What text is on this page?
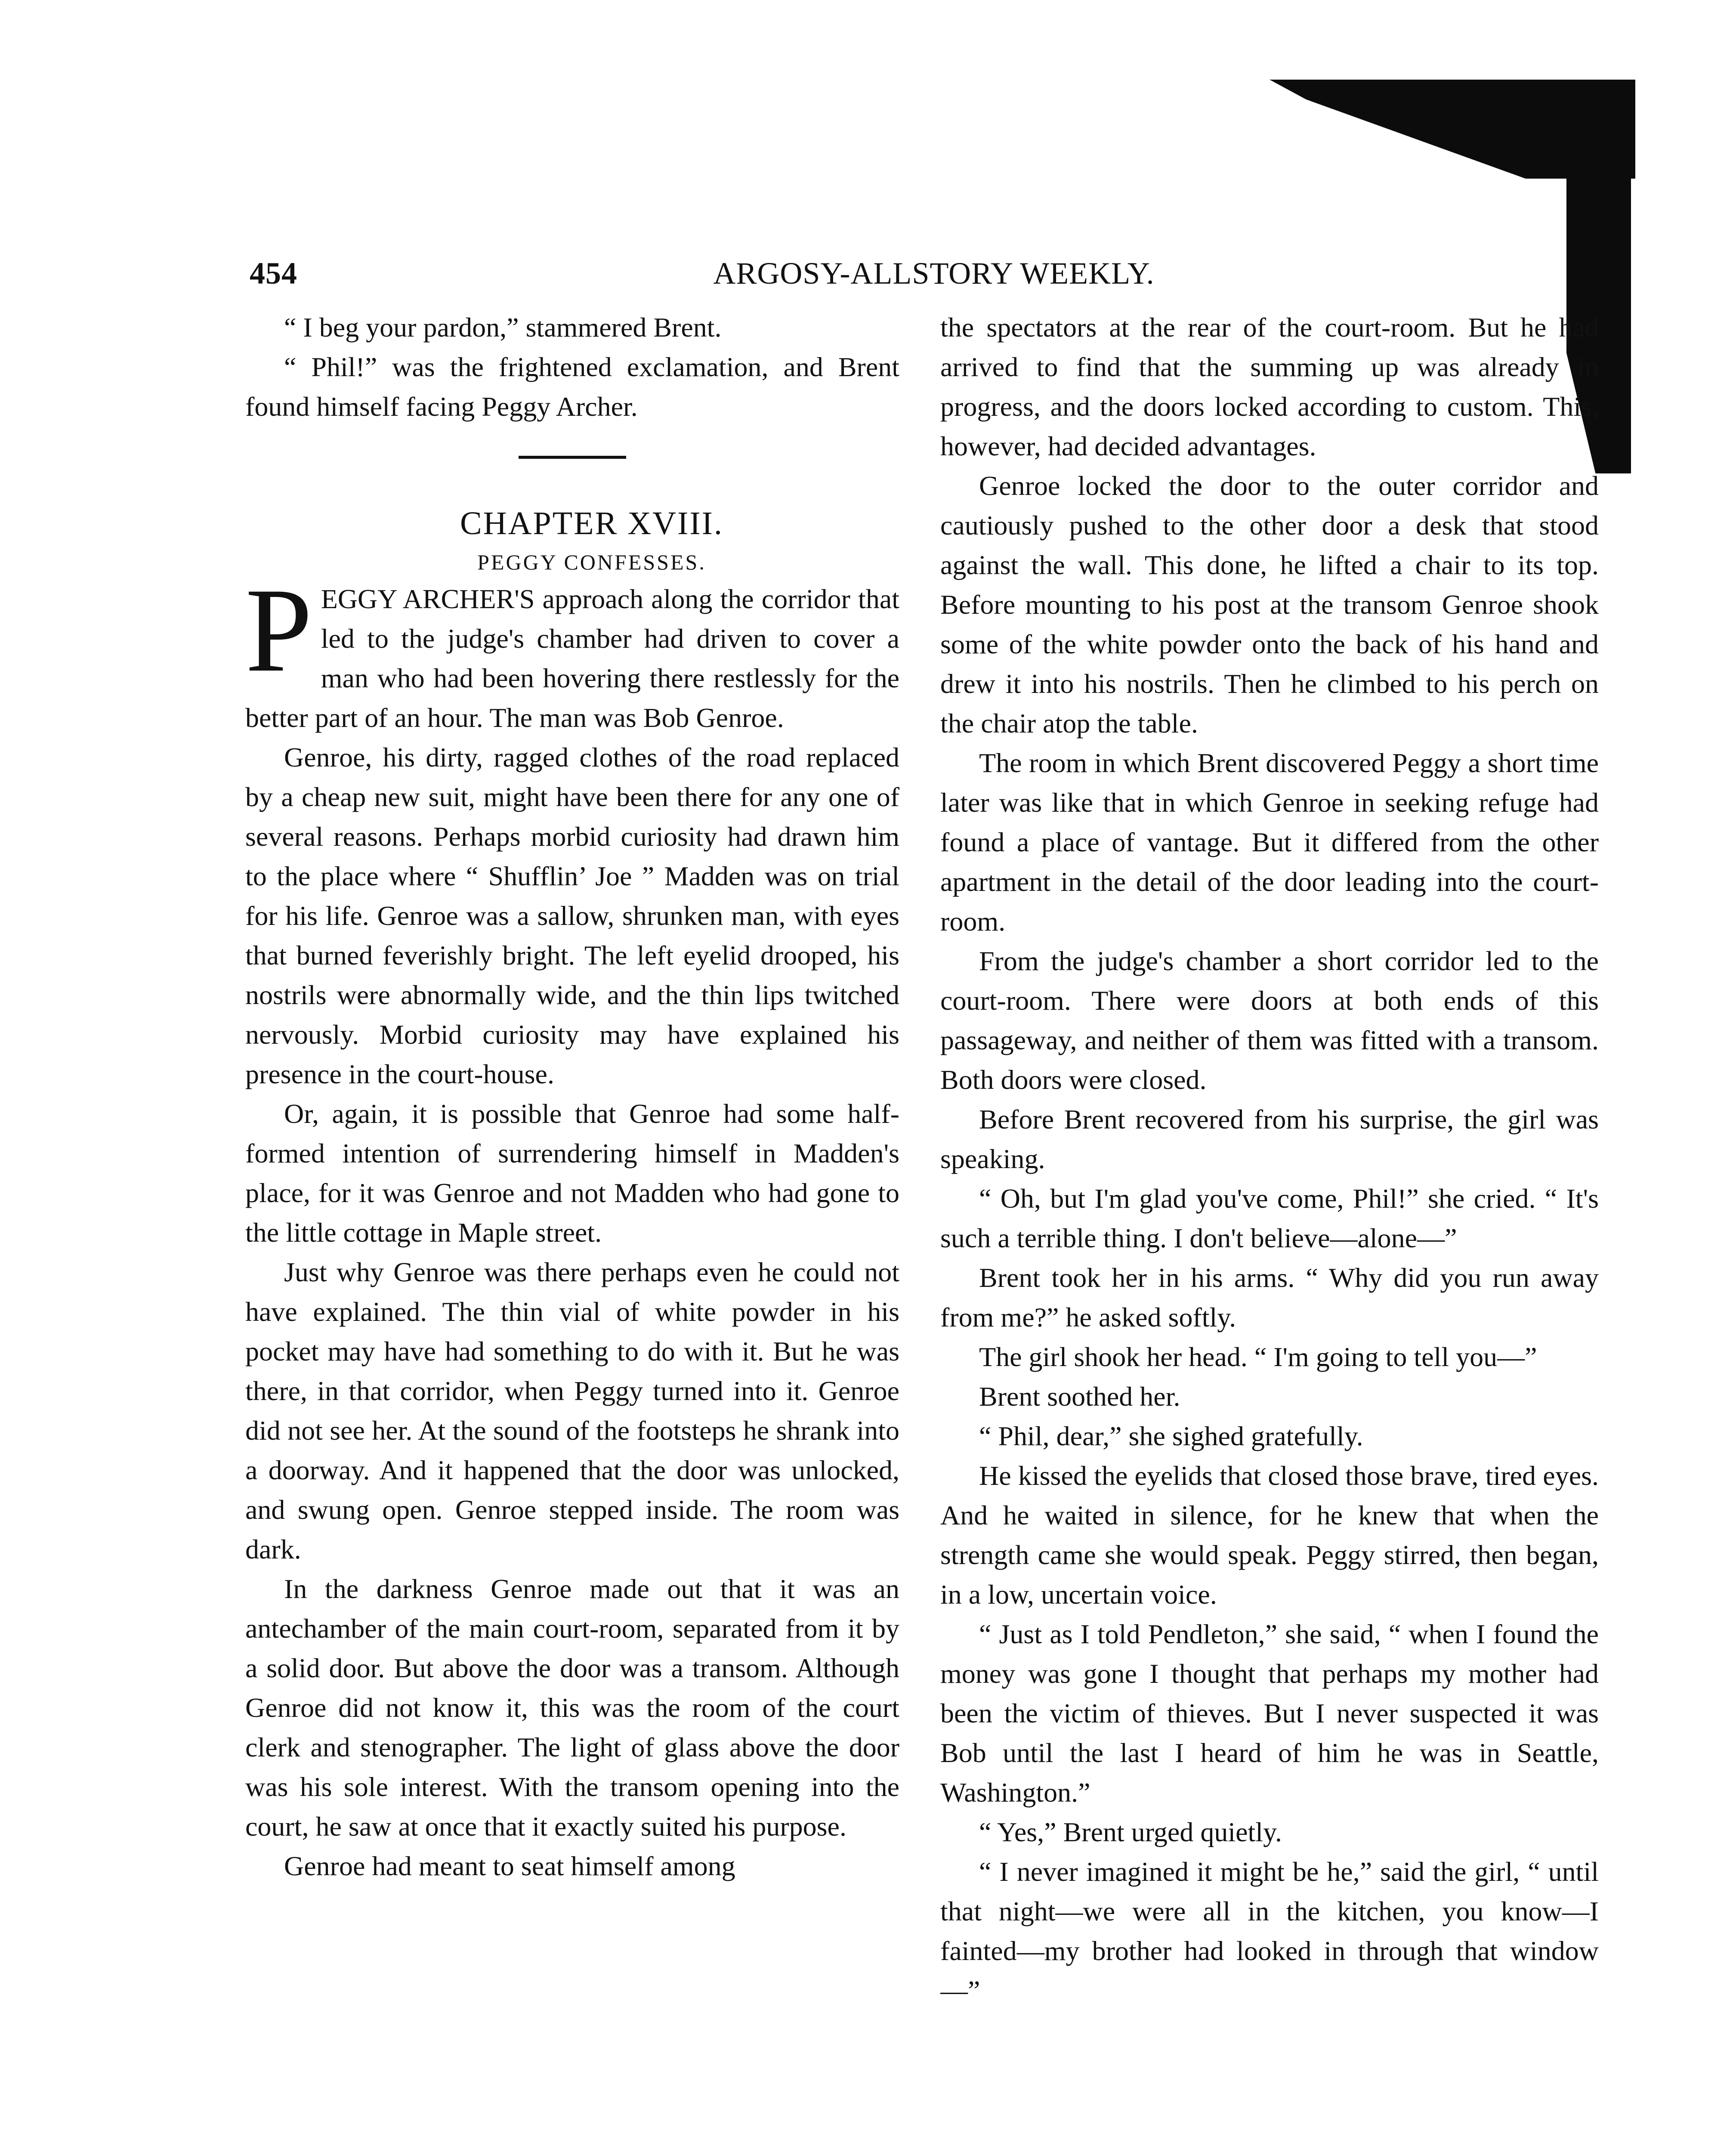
454	ARGOSY-ALLSTORY WEEKLY.

“ I beg your pardon,” stammered Brent.

“ Phil!” was the frightened exclamation, and Brent found himself facing Peggy Archer.

CHAPTER XVIII.

PEGGY CONFESSES.

PEGGY ARCHER'S approach along the corridor that led to the judge's chamber had driven to cover a man who had been hovering there restlessly for the better part of an hour. The man was Bob Genroe.

Genroe, his dirty, ragged clothes of the road replaced by a cheap new suit, might have been there for any one of several reasons. Perhaps morbid curiosity had drawn him to the place where “ Shufflin’ Joe ” Madden was on trial for his life. Genroe was a sallow, shrunken man, with eyes that burned feverishly bright. The left eyelid drooped, his nostrils were abnormally wide, and the thin lips twitched nervously. Morbid curiosity may have explained his presence in the court-house.

Or, again, it is possible that Genroe had some half-formed intention of surrendering himself in Madden's place, for it was Genroe and not Madden who had gone to the little cottage in Maple street.

Just why Genroe was there perhaps even he could not have explained. The thin vial of white powder in his pocket may have had something to do with it. But he was there, in that corridor, when Peggy turned into it. Genroe did not see her. At the sound of the footsteps he shrank into a doorway. And it happened that the door was unlocked, and swung open. Genroe stepped inside. The room was dark.

In the darkness Genroe made out that it was an antechamber of the main court-room, separated from it by a solid door. But above the door was a transom. Although Genroe did not know it, this was the room of the court clerk and stenographer. The light of glass above the door was his sole interest. With the transom opening into the court, he saw at once that it exactly suited his purpose.

Genroe had meant to seat himself among

the spectators at the rear of the court-room. But he had arrived to find that the summing up was already in progress, and the doors locked according to custom. This, however, had decided advantages.

Genroe locked the door to the outer corridor and cautiously pushed to the other door a desk that stood against the wall. This done, he lifted a chair to its top. Before mounting to his post at the transom Genroe shook some of the white powder onto the back of his hand and drew it into his nostrils. Then he climbed to his perch on the chair atop the table.

The room in which Brent discovered Peggy a short time later was like that in which Genroe in seeking refuge had found a place of vantage. But it differed from the other apartment in the detail of the door leading into the court-room.

From the judge's chamber a short corridor led to the court-room. There were doors at both ends of this passageway, and neither of them was fitted with a transom. Both doors were closed.

Before Brent recovered from his surprise, the girl was speaking.

“ Oh, but I'm glad you've come, Phil!” she cried. “ It's such a terrible thing. I don't believe—alone—”

Brent took her in his arms. “ Why did you run away from me?” he asked softly.

The girl shook her head. “ I'm going to tell you—”

Brent soothed her.

“ Phil, dear,” she sighed gratefully.

He kissed the eyelids that closed those brave, tired eyes. And he waited in silence, for he knew that when the strength came she would speak. Peggy stirred, then began, in a low, uncertain voice.

“ Just as I told Pendleton,” she said, “ when I found the money was gone I thought that perhaps my mother had been the victim of thieves. But I never suspected it was Bob until the last I heard of him he was in Seattle, Washington.”

“ Yes,” Brent urged quietly.

“ I never imagined it might be he,” said the girl, “ until that night—we were all in the kitchen, you know—I fainted—my brother had looked in through that window—”
